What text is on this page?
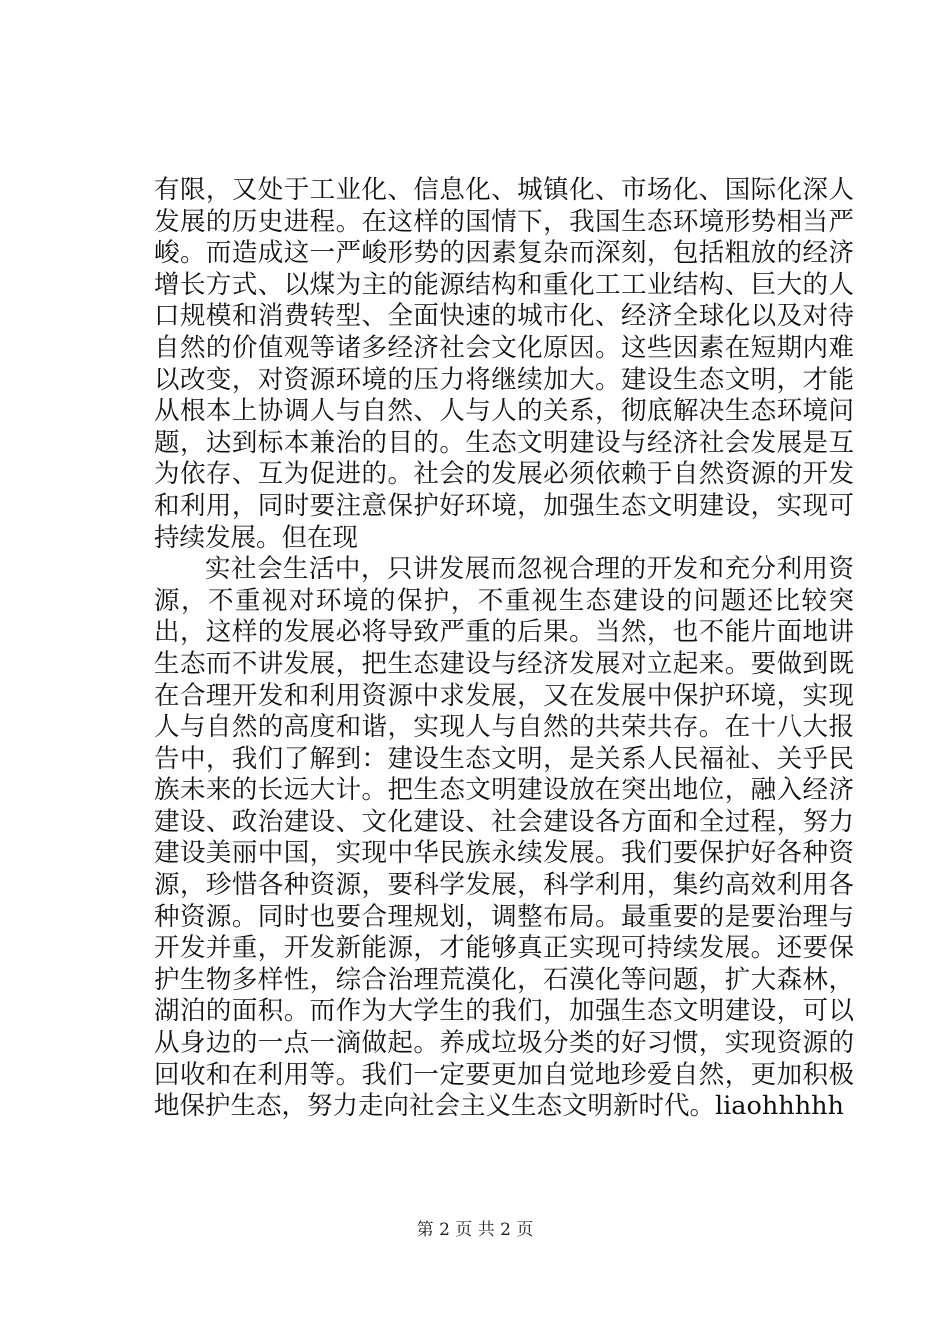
有限，又处于工业化、信息化、城镇化、市场化、国际化深人发展的历史进程。在这样的国情下，我国生态环境形势相当严峻。而造成这一严峻形势的因素复杂而深刻，包括粗放的经济增长方式、以煤为主的能源结构和重化工工业结构、巨大的人口规模和消费转型、全面快速的城市化、经济全球化以及对待自然的价值观等诸多经济社会文化原因。这些因素在短期内难以改变，对资源环境的压力将继续加大。建设生态文明，才能从根本上协调人与自然、人与人的关系，彻底解决生态环境问题，达到标本兼治的目的。生态文明建设与经济社会发展是互为依存、互为促进的。社会的发展必须依赖于自然资源的开发和利用，同时要注意保护好环境，加强生态文明建设，实现可持续发展。但在现

实社会生活中，只讲发展而忽视合理的开发和充分利用资源，不重视对环境的保护，不重视生态建设的问题还比较突出，这样的发展必将导致严重的后果。当然，也不能片面地讲生态而不讲发展，把生态建设与经济发展对立起来。要做到既在合理开发和利用资源中求发展，又在发展中保护环境，实现人与自然的高度和谐，实现人与自然的共荣共存。在十八大报告中，我们了解到：建设生态文明，是关系人民福祉、关乎民族未来的长远大计。把生态文明建设放在突出地位，融入经济建设、政治建设、文化建设、社会建设各方面和全过程，努力建设美丽中国，实现中华民族永续发展。我们要保护好各种资源，珍惜各种资源，要科学发展，科学利用，集约高效利用各种资源。同时也要合理规划，调整布局。最重要的是要治理与开发并重，开发新能源，才能够真正实现可持续发展。还要保护生物多样性，综合治理荒漠化，石漠化等问题，扩大森林，湖泊的面积。而作为大学生的我们，加强生态文明建设，可以从身边的一点一滴做起。养成垃圾分类的好习惯，实现资源的回收和在利用等。我们一定要更加自觉地珍爱自然，更加积极地保护生态，努力走向社会主义生态文明新时代。liaohhhhh

第 2 页 共 2 页
